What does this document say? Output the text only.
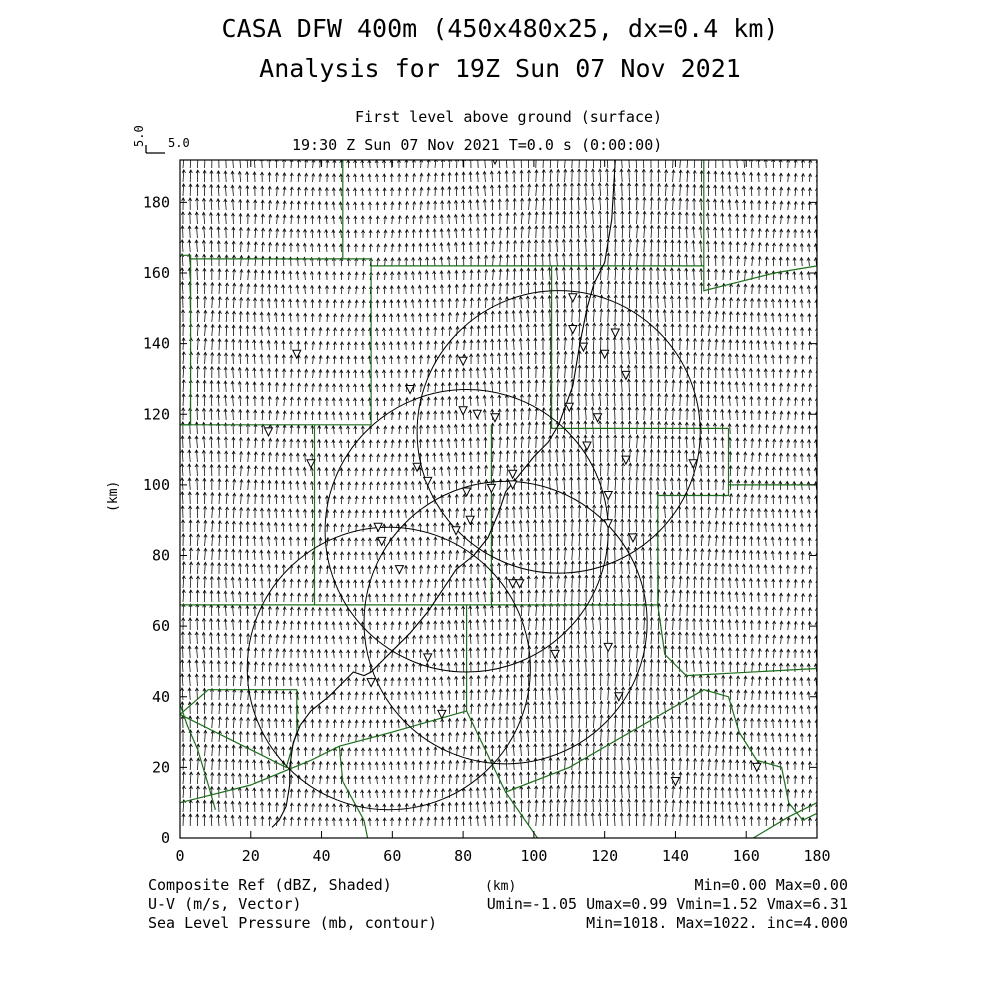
CASA DFW 400m (450x480x25, dx=0.4 km)
Analysis for 19Z Sun 07 Nov 2021
First level above ground (surface)
19:30 Z Sun 07 Nov 2021 T=0.0 s (0:00:00)
0	20	40	60	80	100	120	140	160	180
0
20
40
60
80
100
120
140
160
180
5.0 5.0
(km)
(km)
Composite Ref (dBZ, Shaded)
U-V (m/s, Vector)
Sea Level Pressure (mb, contour)
Min=0.00 Max=0.00
Umin=-1.05 Umax=0.99 Vmin=1.52 Vmax=6.31
Min=1018. Max=1022. inc=4.000
